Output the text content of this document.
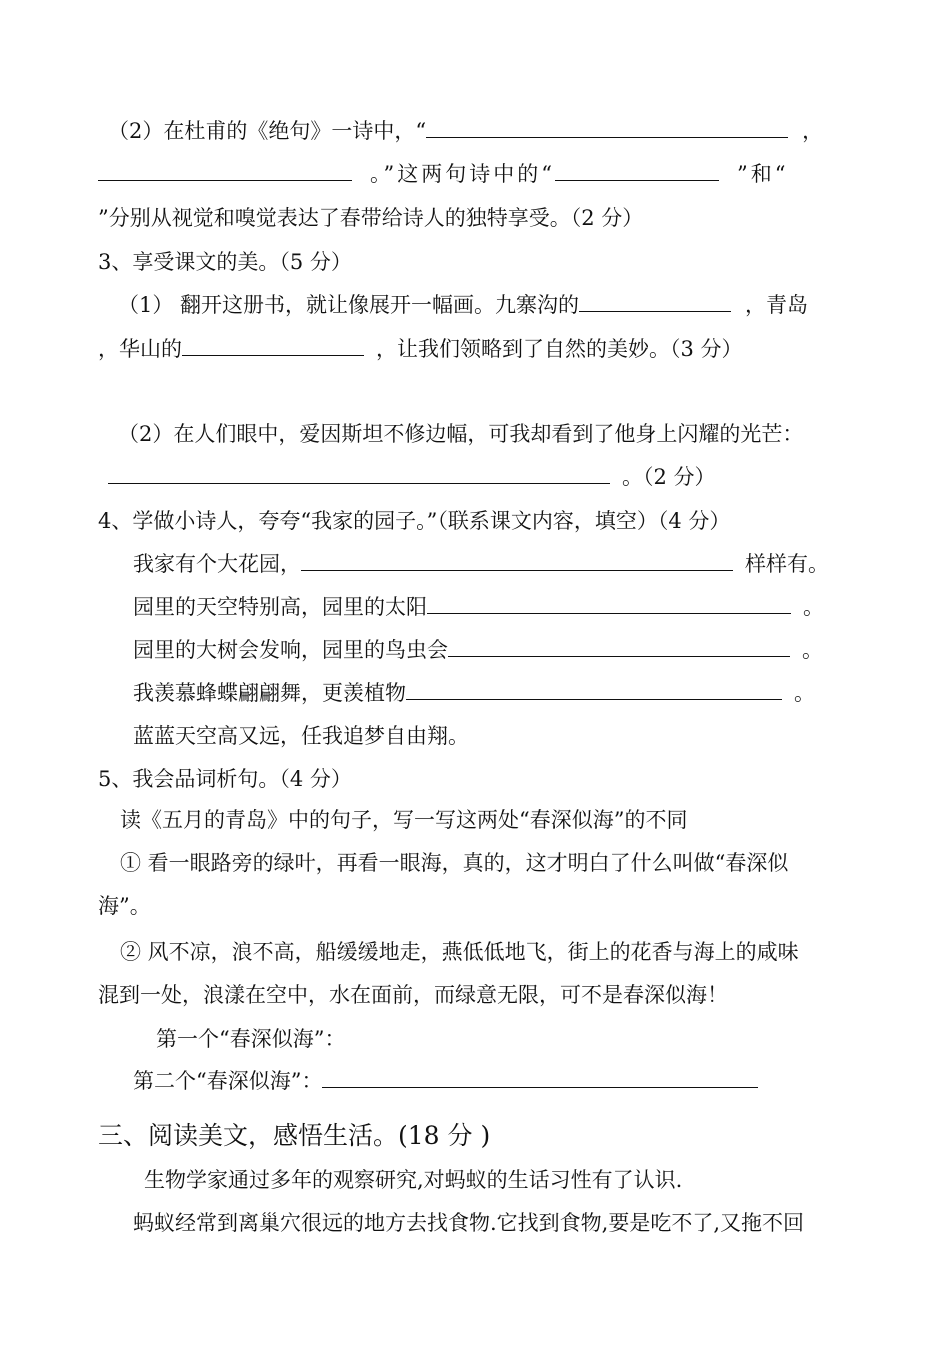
（2）在杜甫的《绝句》一诗中，“	，
。”这两句诗中的“	”和“
”分别从视觉和嗅觉表达了春带给诗人的独特享受。（2 分）
3、享受课文的美。（5 分）
（1） 翻开这册书，就让像展开一幅画。九寨沟的	，青岛
，华山的	，让我们领略到了自然的美妙。（3 分）
（2）在人们眼中，爱因斯坦不修边幅，可我却看到了他身上闪耀的光芒：
。（2 分）
4、学做小诗人，夸夸“我家的园子。”（联系课文内容，填空）（4 分）
我家有个大花园，	样样有。
园里的天空特别高，园里的太阳	。
园里的大树会发响，园里的鸟虫会	。
我羡慕蜂蝶翩翩舞，更羡植物	。
蓝蓝天空高又远，任我追梦自由翔。
5、我会品词析句。（4 分）
读《五月的青岛》中的句子，写一写这两处“春深似海”的不同
① 看一眼路旁的绿叶，再看一眼海，真的，这才明白了什么叫做“春深似
海”。
② 风不凉，浪不高，船缓缓地走，燕低低地飞，街上的花香与海上的咸味
混到一处，浪漾在空中，水在面前，而绿意无限，可不是春深似海！
第一个“春深似海”：
第二个“春深似海”：
三、阅读美文，感悟生活。(18 分 )
生物学家通过多年的观察研究,对蚂蚁的生话习性有了认识.
蚂蚁经常到离巢穴很远的地方去找食物.它找到食物,要是吃不了,又拖不回
